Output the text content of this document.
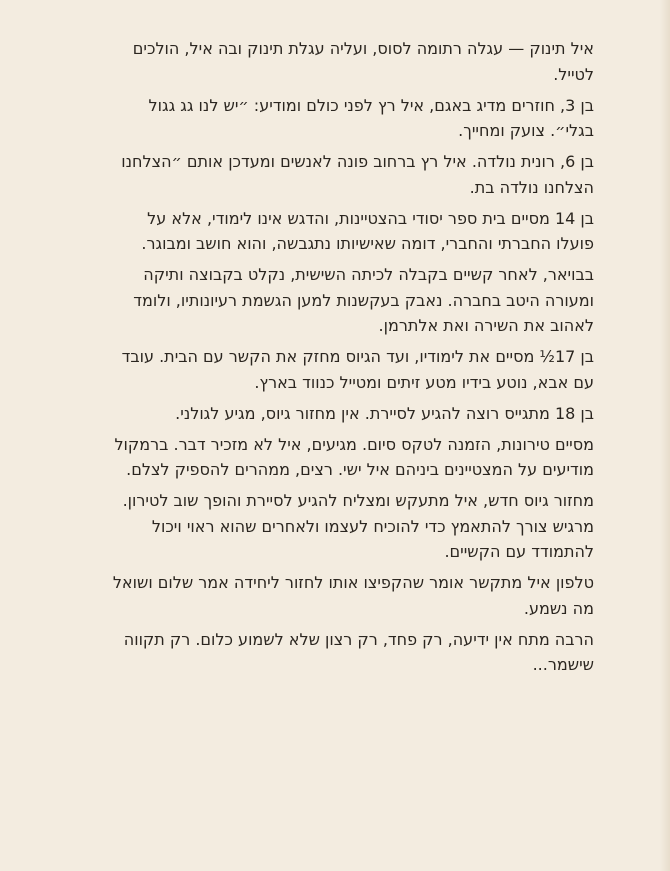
איל תינוק — עגלה רתומה לסוס, ועליה עגלת תינוק ובה איל, הולכים לטייל.

בן 3, חוזרים מדיג באגם, איל רץ לפני כולם ומודיע: ״יש לנו גג גגול בגלי״. צועק ומחייך.

בן 6, רונית נולדה. איל רץ ברחוב פונה לאנשים ומעדכן אותם ״הצלחנו הצלחנו נולדה בת.

בן 14 מסיים בית ספר יסודי בהצטיינות, והדגש אינו לימודי, אלא על פועלו החברתי והחברי, דומה שאישיותו נתגבשה, והוא חושב ומבוגר.

בבויאר, לאחר קשיים בקבלה לכיתה השישית, נקלט בקבוצה ותיקה ומעורה היטב בחברה. נאבק בעקשנות למען הגשמת רעיונותיו, ולומד לאהוב את השירה ואת אלתרמן.

בן 17½ מסיים את לימודיו, ועד הגיוס מחזק את הקשר עם הבית. עובד עם אבא, נוטע בידיו מטע זיתים ומטייל כנווד בארץ.

בן 18 מתגייס רוצה להגיע לסיירת. אין מחזור גיוס, מגיע לגולני.

מסיים טירונות, הזמנה לטקס סיום. מגיעים, איל לא מזכיר דבר. ברמקול מודיעים על המצטיינים ביניהם איל ישי. רצים, ממהרים להספיק לצלם.

מחזור גיוס חדש, איל מתעקש ומצליח להגיע לסיירת והופך שוב לטירון. מרגיש צורך להתאמץ כדי להוכיח לעצמו ולאחרים שהוא ראוי ויכול להתמודד עם הקשיים.

טלפון איל מתקשר אומר שהקפיצו אותו לחזור ליחידה אמר שלום ושואל מה נשמע.

הרבה מתח אין ידיעה, רק פחד, רק רצון שלא לשמוע כלום. רק תקווה שישמר...
